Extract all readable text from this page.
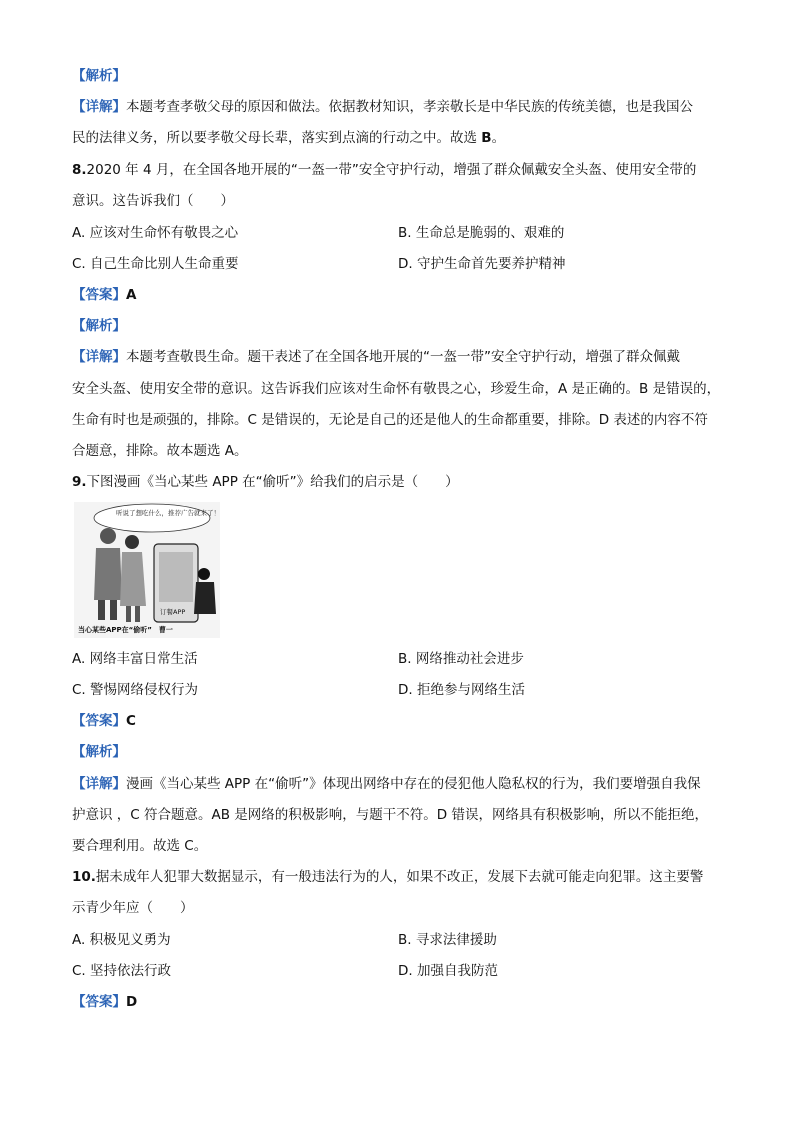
【解析】
【详解】本题考查孝敬父母的原因和做法。依据教材知识，孝亲敬长是中华民族的传统美德，也是我国公
民的法律义务，所以要孝敬父母长辈，落实到点滴的行动之中。故选 B。
8.2020 年 4 月，在全国各地开展的“一盔一带”安全守护行动，增强了群众佩戴安全头盔、使用安全带的
意识。这告诉我们（　　）
A. 应该对生命怀有敬畏之心	B. 生命总是脆弱的、艰难的
C. 自己生命比别人生命重要	D. 守护生命首先要养护精神
【答案】A
【解析】
【详解】本题考查敬畏生命。题干表述了在全国各地开展的“一盔一带”安全守护行动，增强了群众佩戴
安全头盔、使用安全带的意识。这告诉我们应该对生命怀有敬畏之心，珍爱生命，A 是正确的。B 是错误的，
生命有时也是顽强的，排除。C 是错误的，无论是自己的还是他人的生命都重要，排除。D 表述的内容不符
合题意，排除。故本题选 A。
9.下图漫画《当心某些 APP 在“偷听”》给我们的启示是（　　）
听说了想吃什么，推荐广告就来了！
订餐APP
当心某些APP在“偷听”　曹一
A. 网络丰富日常生活	B. 网络推动社会进步
C. 警惕网络侵权行为	D. 拒绝参与网络生活
【答案】C
【解析】
【详解】漫画《当心某些 APP 在“偷听”》体现出网络中存在的侵犯他人隐私权的行为，我们要增强自我保
护意识 ，C 符合题意。AB 是网络的积极影响，与题干不符。D 错误，网络具有积极影响，所以不能拒绝，
要合理利用。故选 C。
10.据未成年人犯罪大数据显示，有一般违法行为的人，如果不改正，发展下去就可能走向犯罪。这主要警
示青少年应（　　）
A. 积极见义勇为	B. 寻求法律援助
C. 坚持依法行政	D. 加强自我防范
【答案】D
